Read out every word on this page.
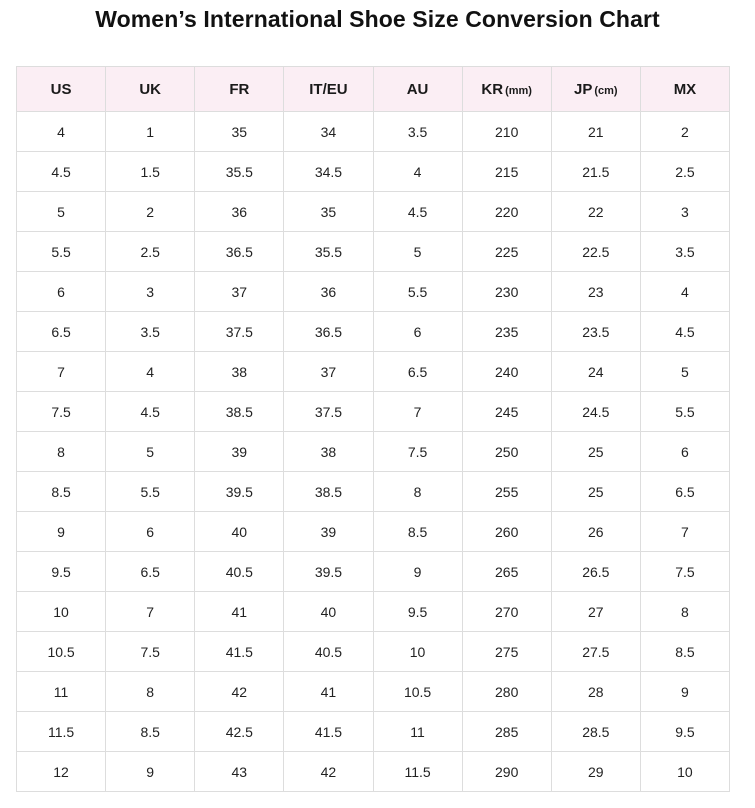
Women’s International Shoe Size Conversion Chart
US	UK	FR	IT/EU	AU	KR (mm)	JP (cm)	MX
4	1	35	34	3.5	210	21	2
4.5	1.5	35.5	34.5	4	215	21.5	2.5
5	2	36	35	4.5	220	22	3
5.5	2.5	36.5	35.5	5	225	22.5	3.5
6	3	37	36	5.5	230	23	4
6.5	3.5	37.5	36.5	6	235	23.5	4.5
7	4	38	37	6.5	240	24	5
7.5	4.5	38.5	37.5	7	245	24.5	5.5
8	5	39	38	7.5	250	25	6
8.5	5.5	39.5	38.5	8	255	25	6.5
9	6	40	39	8.5	260	26	7
9.5	6.5	40.5	39.5	9	265	26.5	7.5
10	7	41	40	9.5	270	27	8
10.5	7.5	41.5	40.5	10	275	27.5	8.5
11	8	42	41	10.5	280	28	9
11.5	8.5	42.5	41.5	11	285	28.5	9.5
12	9	43	42	11.5	290	29	10
